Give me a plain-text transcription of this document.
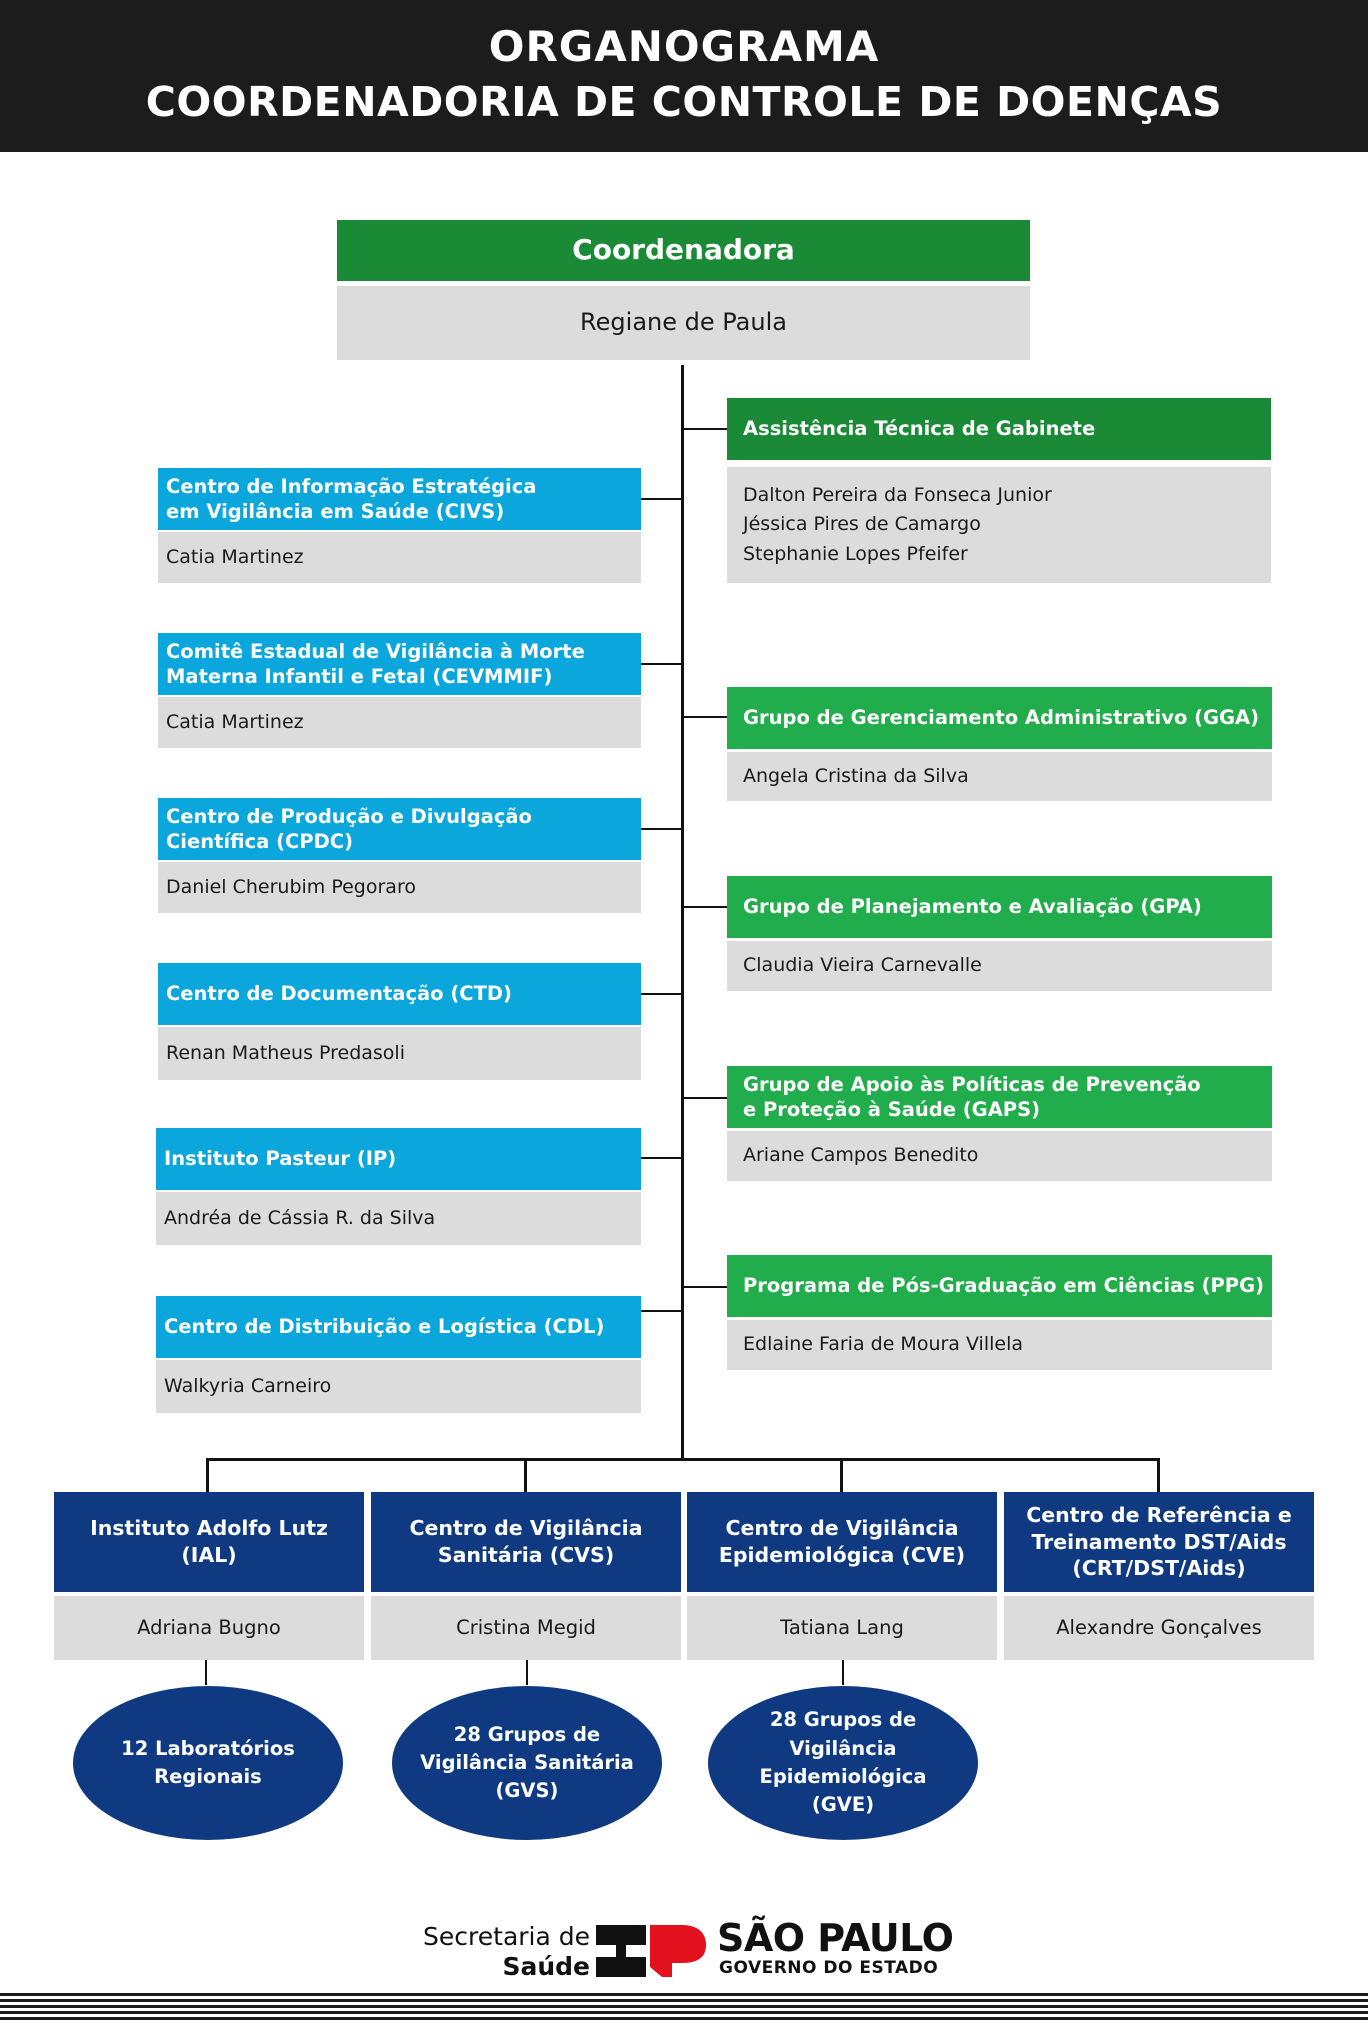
ORGANOGRAMA
COORDENADORIA DE CONTROLE DE DOENÇAS
Coordenadora
Regiane de Paula
Centro de Informação Estratégica
em Vigilância em Saúde (CIVS)
Catia Martinez
Comitê Estadual de Vigilância à Morte
Materna Infantil e Fetal (CEVMMIF)
Catia Martinez
Centro de Produção e Divulgação
Científica (CPDC)
Daniel Cherubim Pegoraro
Centro de Documentação (CTD)
Renan Matheus Predasoli
Instituto Pasteur (IP)
Andréa de Cássia R. da Silva
Centro de Distribuição e Logística (CDL)
Walkyria Carneiro
Assistência Técnica de Gabinete
Dalton Pereira da Fonseca Junior
Jéssica Pires de Camargo
Stephanie Lopes Pfeifer
Grupo de Gerenciamento Administrativo (GGA)
Angela Cristina da Silva
Grupo de Planejamento e Avaliação (GPA)
Claudia Vieira Carnevalle
Grupo de Apoio às Políticas de Prevenção
e Proteção à Saúde (GAPS)
Ariane Campos Benedito
Programa de Pós-Graduação em Ciências (PPG)
Edlaine Faria de Moura Villela
Instituto Adolfo Lutz
(IAL)
Adriana Bugno
Centro de Vigilância
Sanitária (CVS)
Cristina Megid
Centro de Vigilância
Epidemiológica (CVE)
Tatiana Lang
Centro de Referência e
Treinamento DST/Aids
(CRT/DST/Aids)
Alexandre Gonçalves
12 Laboratórios
Regionais
28 Grupos de
Vigilância Sanitária
(GVS)
28 Grupos de
Vigilância Epidemiológica
(GVE)
Secretaria de
Saúde
SÃO PAULO
GOVERNO DO ESTADO
